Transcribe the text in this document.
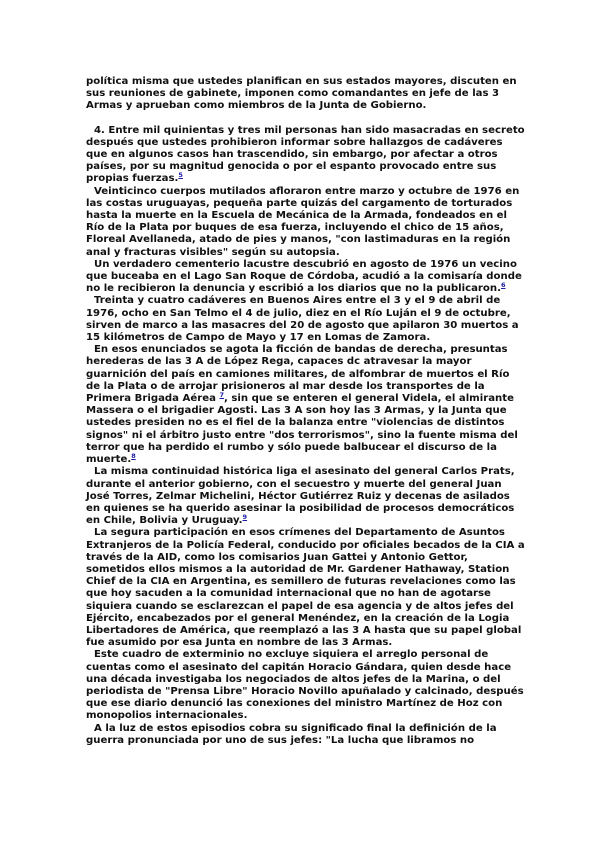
política misma que ustedes planifican en sus estados mayores, discuten en sus reuniones de gabinete, imponen como comandantes en jefe de las 3 Armas y aprueban como miembros de la Junta de Gobierno.

4. Entre mil quinientas y tres mil personas han sido masacradas en secreto después que ustedes prohibieron informar sobre hallazgos de cadáveres que en algunos casos han trascendido, sin embargo, por afectar a otros países, por su magnitud genocida o por el espanto provocado entre sus propias fuerzas.$^5$

Veinticinco cuerpos mutilados afloraron entre marzo y octubre de 1976 en las costas uruguayas, pequeña parte quizás del cargamento de torturados hasta la muerte en la Escuela de Mecánica de la Armada, fondeados en el Río de la Plata por buques de esa fuerza, incluyendo el chico de 15 años, Floreal Avellaneda, atado de pies y manos, "con lastimaduras en la región anal y fracturas visibles" según su autopsia.

Un verdadero cementerio lacustre descubrió en agosto de 1976 un vecino que buceaba en el Lago San Roque de Córdoba, acudió a la comisaría donde no le recibieron la denuncia y escribió a los diarios que no la publicaron.$^6$

Treinta y cuatro cadáveres en Buenos Aires entre el 3 y el 9 de abril de 1976, ocho en San Telmo el 4 de julio, diez en el Río Luján el 9 de octubre, sirven de marco a las masacres del 20 de agosto que apilaron 30 muertos a 15 kilómetros de Campo de Mayo y 17 en Lomas de Zamora.

En esos enunciados se agota la ficción de bandas de derecha, presuntas herederas de las 3 A de López Rega, capaces dc atravesar la mayor guarnición del país en camiones militares, de alfombrar de muertos el Río de la Plata o de arrojar prisioneros al mar desde los transportes de la Primera Brigada Aérea $^7$, sin que se enteren el general Videla, el almirante Massera o el brigadier Agosti. Las 3 A son hoy las 3 Armas, y la Junta que ustedes presiden no es el fiel de la balanza entre "violencias de distintos signos" ni el árbitro justo entre "dos terrorismos", sino la fuente misma del terror que ha perdido el rumbo y sólo puede balbucear el discurso de la muerte.$^8$

La misma continuidad histórica liga el asesinato del general Carlos Prats, durante el anterior gobierno, con el secuestro y muerte del general Juan José Torres, Zelmar Michelini, Héctor Gutiérrez Ruiz y decenas de asilados en quienes se ha querido asesinar la posibilidad de procesos democráticos en Chile, Bolivia y Uruguay.$^9$

La segura participación en esos crímenes del Departamento de Asuntos Extranjeros de la Policía Federal, conducido por oficiales becados de la CIA a través de la AID, como los comisarios Juan Gattei y Antonio Gettor, sometidos ellos mismos a la autoridad de Mr. Gardener Hathaway, Station Chief de la CIA en Argentina, es semillero de futuras revelaciones como las que hoy sacuden a la comunidad internacional que no han de agotarse siquiera cuando se esclarezcan el papel de esa agencia y de altos jefes del Ejército, encabezados por el general Menéndez, en la creación de la Logia Libertadores de América, que reemplazó a las 3 A hasta que su papel global fue asumido por esa Junta en nombre de las 3 Armas.

Este cuadro de exterminio no excluye siquiera el arreglo personal de cuentas como el asesinato del capitán Horacio Gándara, quien desde hace una década investigaba los negociados de altos jefes de la Marina, o del periodista de "Prensa Libre" Horacio Novillo apuñalado y calcinado, después que ese diario denunció las conexiones del ministro Martínez de Hoz con monopolios internacionales.

A la luz de estos episodios cobra su significado final la definición de la guerra pronunciada por uno de sus jefes: "La lucha que libramos no
